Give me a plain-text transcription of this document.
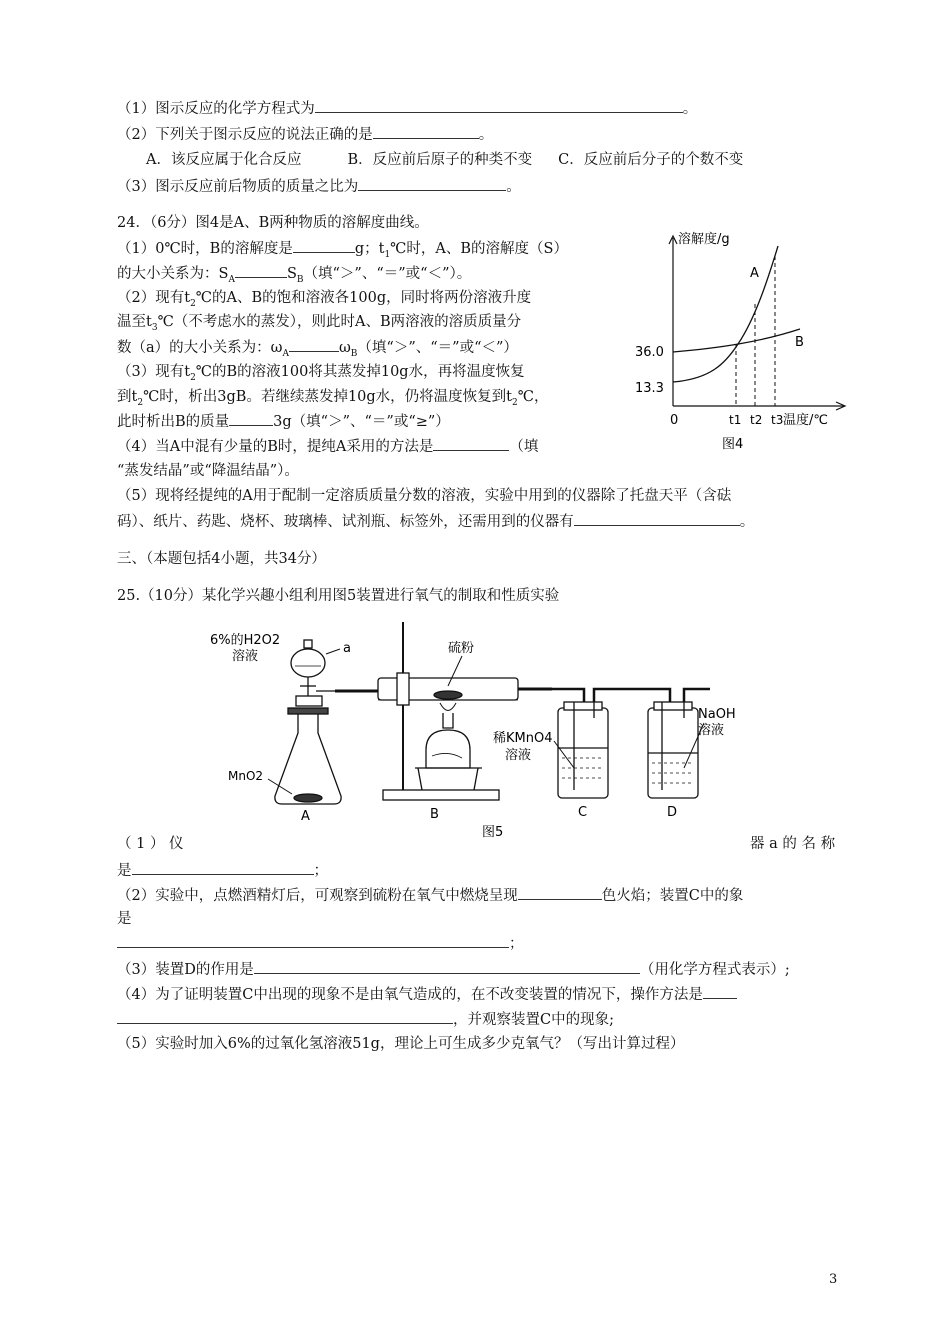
（1）图示反应的化学方程式为	。
（2）下列关于图示反应的说法正确的是	。
A．该反应属于化合反应	B．反应前后原子的种类不变 C．反应前后分子的个数不变
（3）图示反应前后物质的质量之比为	。
24．（6分）图4是A、B两种物质的溶解度曲线。
（1）0℃时，B的溶解度是	g；$t_1℃$时，A、B的溶解度（S）
的大小关系为：$S_A$	$S_B$（填“＞”、“＝”或“＜”）。
（2）现有$t_2℃$的A、B的饱和溶液各100g，同时将两份溶液升度
温至$t_3℃$（不考虑水的蒸发），则此时A、B两溶液的溶质质量分
数（a）的大小关系为：$\omega_A$	$\omega_B$（填“＞”、“＝”或“＜”）
（3）现有$t_2℃$的B的溶液100将其蒸发掉10g水，再将温度恢复
到$t_2℃$时，析出3gB。若继续蒸发掉10g水，仍将温度恢复到$t_2℃$，
此时析出B的质量	3g（填“＞”、“＝”或“≥”）
（4）当A中混有少量的B时，提纯A采用的方法是	（填
“蒸发结晶”或“降温结晶”）。
（5）现将经提纯的A用于配制一定溶质质量分数的溶液，实验中用到的仪器除了托盘天平（含砝
码）、纸片、药匙、烧杯、玻璃棒、试剂瓶、标签外，还需用到的仪器有	。
溶解度/g
36.0
13.3
0	t1 t2 t3 温度/℃
A
B
图4
三、（本题包括4小题，共34分）
25.（10分）某化学兴趣小组利用图5装置进行氧气的制取和性质实验
6%的H2O2
溶液
a	硫粉
稀KMnO4
溶液
NaOH
溶液
MnO2
A	B	C	D
图5
（ 1 ） 仪	器 a 的 名 称
是	；
（2）实验中，点燃酒精灯后，可观察到硫粉在氧气中燃烧呈现	色火焰；装置C中的象
是
；
（3）装置D的作用是	（用化学方程式表示）;
（4）为了证明装置C中出现的现象不是由氧气造成的，在不改变装置的情况下，操作方法是
，并观察装置C中的现象;
（5）实验时加入6%的过氧化氢溶液51g，理论上可生成多少克氧气？（写出计算过程）
3
